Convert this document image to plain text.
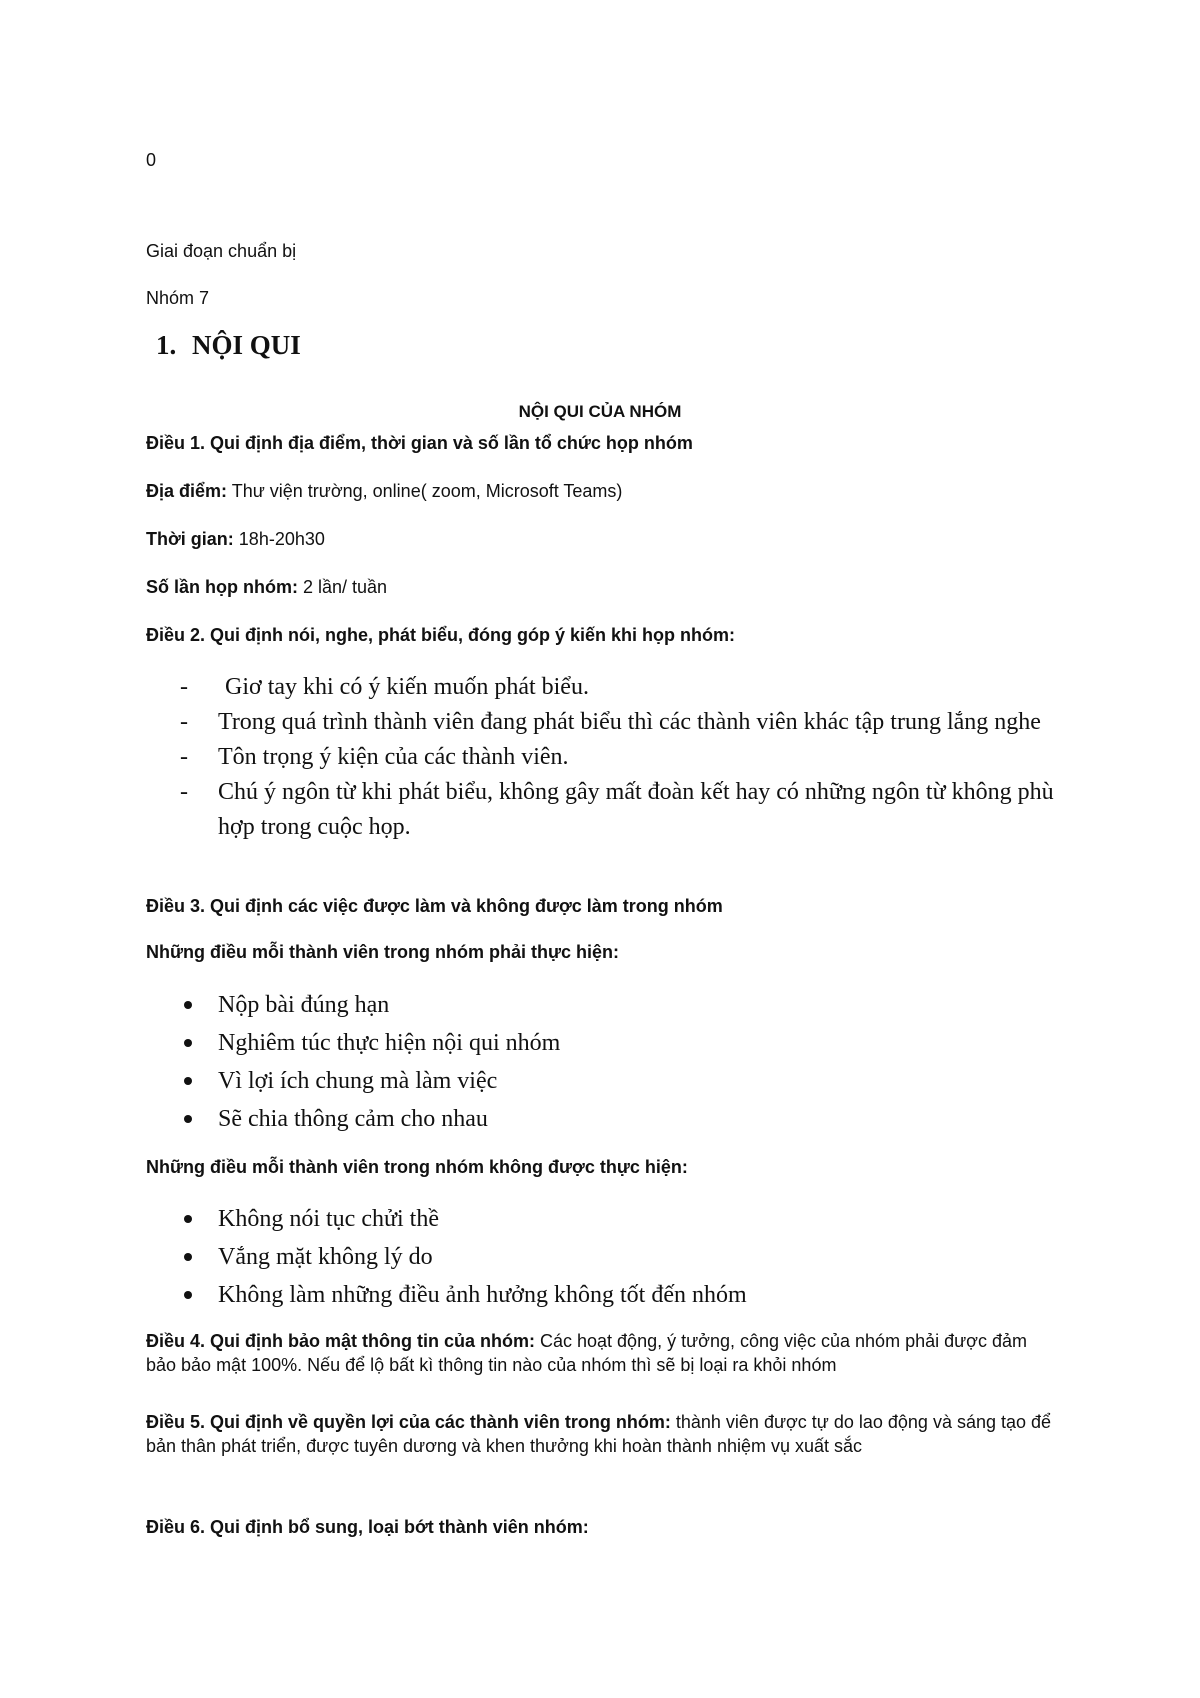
0

Giai đoạn chuẩn bị

Nhóm 7

1. NỘI QUI

NỘI QUI CỦA NHÓM

Điều 1. Qui định địa điểm, thời gian và số lần tổ chức họp nhóm

Địa điểm: Thư viện trường, online( zoom, Microsoft Teams)

Thời gian: 18h-20h30

Số lần họp nhóm: 2 lần/ tuần

Điều 2. Qui định nói, nghe, phát biểu, đóng góp ý kiến khi họp nhóm:

- Giơ tay khi có ý kiến muốn phát biểu.
- Trong quá trình thành viên đang phát biểu thì các thành viên khác tập trung lắng nghe
- Tôn trọng ý kiện của các thành viên.
- Chú ý ngôn từ khi phát biểu, không gây mất đoàn kết hay có những ngôn từ không phù hợp trong cuộc họp.

Điều 3. Qui định các việc được làm và không được làm trong nhóm

Những điều mỗi thành viên trong nhóm phải thực hiện:

Nộp bài đúng hạn
Nghiêm túc thực hiện nội qui nhóm
Vì lợi ích chung mà làm việc
Sẽ chia thông cảm cho nhau

Những điều mỗi thành viên trong nhóm không được thực hiện:

Không nói tục chửi thề
Vắng mặt không lý do
Không làm những điều ảnh hưởng không tốt đến nhóm

Điều 4. Qui định bảo mật thông tin của nhóm: Các hoạt động, ý tưởng, công việc của nhóm phải được đảm bảo bảo mật 100%. Nếu để lộ bất kì thông tin nào của nhóm thì sẽ bị loại ra khỏi nhóm

Điều 5. Qui định về quyền lợi của các thành viên trong nhóm: thành viên được tự do lao động và sáng tạo để bản thân phát triển, được tuyên dương và khen thưởng khi hoàn thành nhiệm vụ xuất sắc

Điều 6. Qui định bổ sung, loại bớt thành viên nhóm:
